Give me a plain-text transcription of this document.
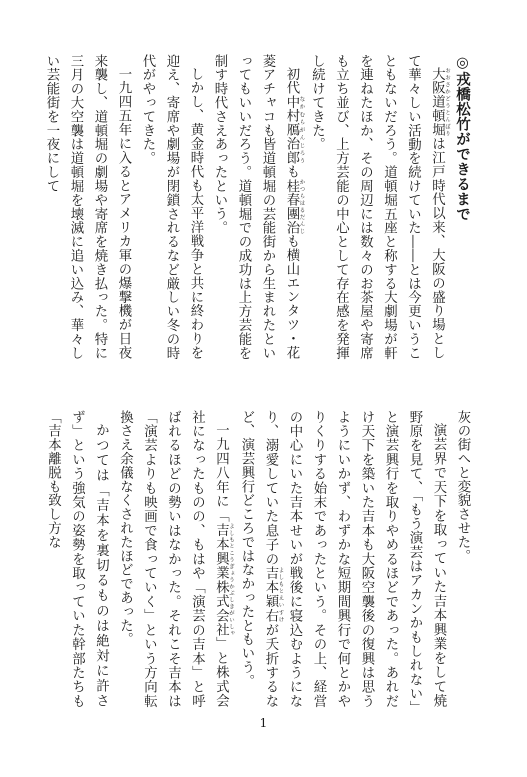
◎戎橋松竹ができるまで

大阪道頓堀 おおさかどうとんぼりは江戸時代以来、大阪の盛り場として華々しい活動を続けていた――とは今更いうこともないだろう。道頓堀五座と称する大劇場が軒を連ねたほか、その周辺には数々のお茶屋や寄席も立ち並び、上方芸能の中心として存在感を発揮し続けてきた。

初代中村鴈治郎 なかむらがんじろうも桂春團治 かつらはるだんじも横山エンタツ・花菱アチャコも皆道頓堀の芸能街から生まれたといってもいいだろう。道頓堀での成功は上方芸能を制す時代さえあったという。

しかし、黄金時代も太平洋戦争と共に終わりを迎え、寄席や劇場が閉鎖されるなど厳しい冬の時代がやってきた。

一九四五年に入るとアメリカ軍の爆撃機が日夜来襲し、道頓堀の劇場や寄席を焼き払った。特に三月の大空襲は道頓堀を壊滅に追い込み、華々しい芸能街を一夜にして

灰の街へと変貌させた。

演芸界で天下を取っていた吉本興業をして焼野原を見て、「もう演芸はアカンかもしれない」と演芸興行を取りやめるほどであった。あれだけ天下を築いた吉本も大阪空襲後の復興は思うようにいかず、わずかな短期間興行で何とかやりくりする始末であったという。その上、経営の中心にいた吉本せいが戦後に寝込むようになり、溺愛していた息子の吉本穎右 よしもとえいすけが夭折するなど、演芸興行どころではなかったともいう。

一九四八年に「吉本興業株式会社 よしもとこうぎょうかぶしきがいしゃ」と株式会社になったものの、もはや「演芸の吉本」と呼ばれるほどの勢いはなかった。それこそ吉本は「演芸よりも映画で食っていく」という方向転換さえ余儀なくされたほどであった。

かつては「吉本を裏切るものは絶対に許さず」という強気の姿勢を取っていた幹部たちも「吉本離脱も致し方な

1
